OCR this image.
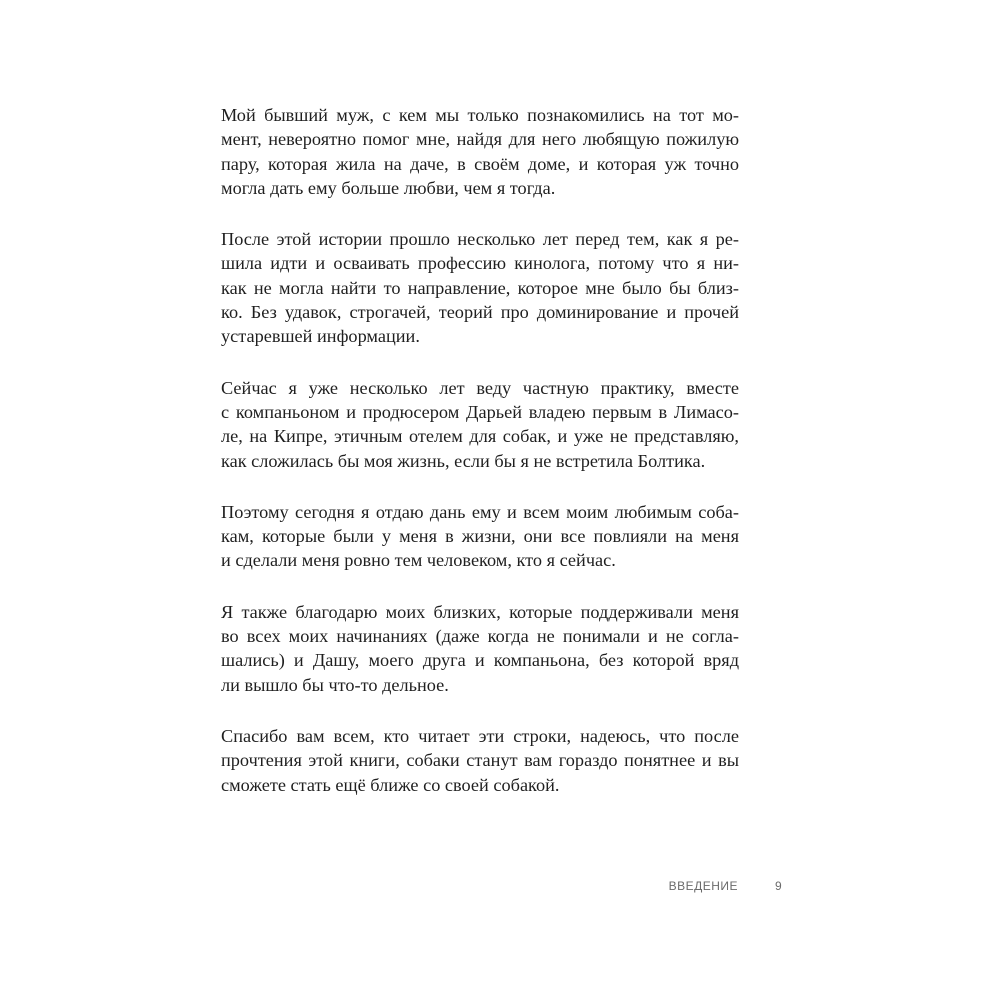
Мой бывший муж, с кем мы только познакомились на тот мо-
мент, невероятно помог мне, найдя для него любящую пожилую
пару, которая жила на даче, в своём доме, и которая уж точно
могла дать ему больше любви, чем я тогда.

После этой истории прошло несколько лет перед тем, как я ре-
шила идти и осваивать профессию кинолога, потому что я ни-
как не могла найти то направление, которое мне было бы близ-
ко. Без удавок, строгачей, теорий про доминирование и прочей
устаревшей информации.

Сейчас я уже несколько лет веду частную практику, вместе
с компаньоном и продюсером Дарьей владею первым в Лимасо-
ле, на Кипре, этичным отелем для собак, и уже не представляю,
как сложилась бы моя жизнь, если бы я не встретила Болтика.

Поэтому сегодня я отдаю дань ему и всем моим любимым соба-
кам, которые были у меня в жизни, они все повлияли на меня
и сделали меня ровно тем человеком, кто я сейчас.

Я также благодарю моих близких, которые поддерживали меня
во всех моих начинаниях (даже когда не понимали и не согла-
шались) и Дашу, моего друга и компаньона, без которой вряд
ли вышло бы что-то дельное.

Спасибо вам всем, кто читает эти строки, надеюсь, что после
прочтения этой книги, собаки станут вам гораздо понятнее и вы
сможете стать ещё ближе со своей собакой.

ВВЕДЕНИЕ	9
